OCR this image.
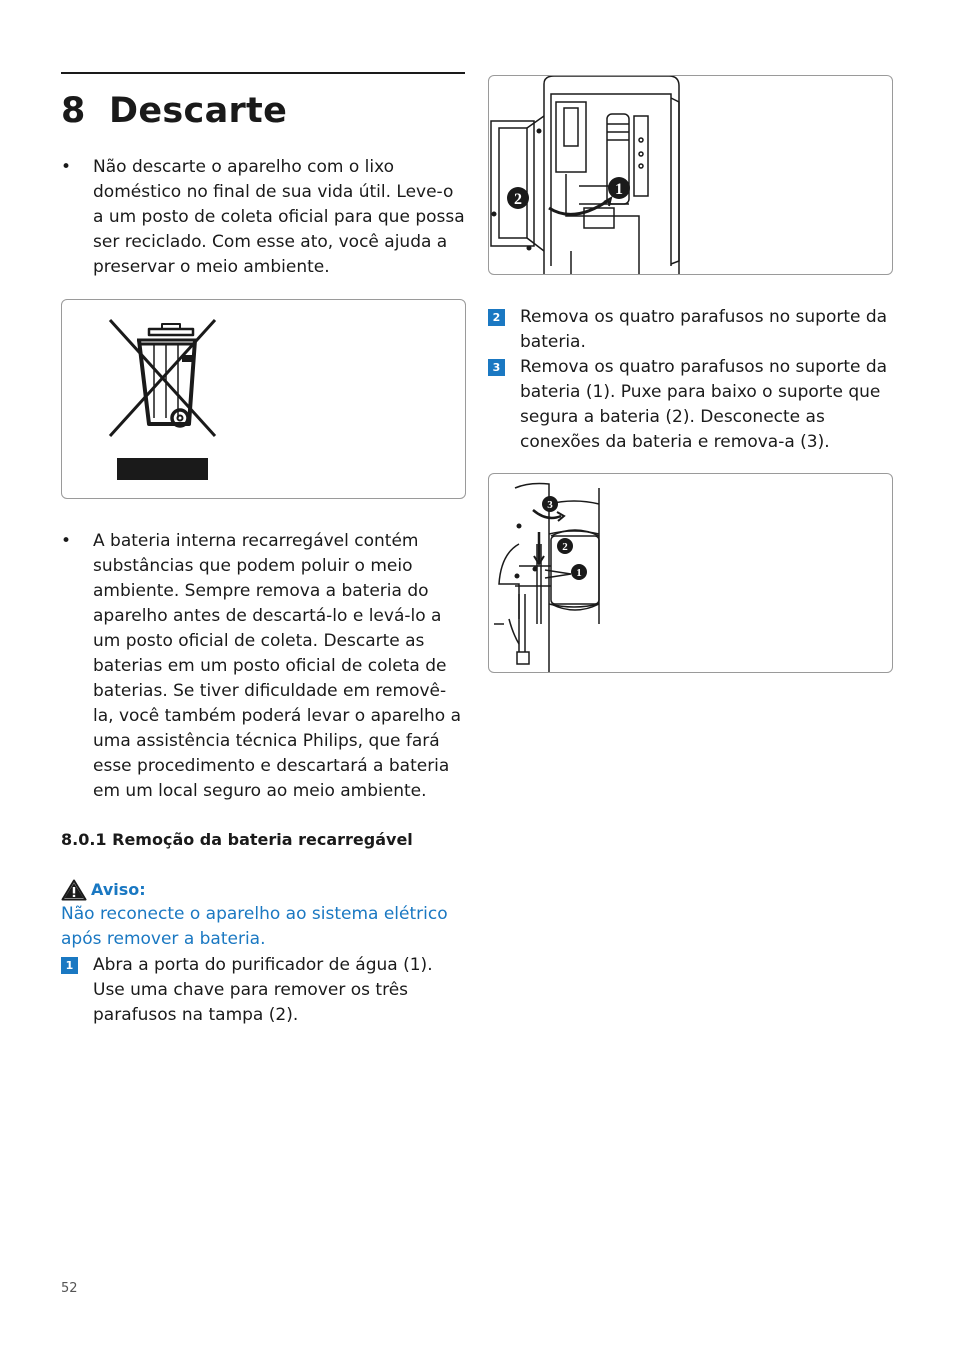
8 Descarte
• Não descarte o aparelho com o lixo doméstico no final de sua vida útil. Leve-o a um posto de coleta oficial para que possa ser reciclado. Com esse ato, você ajuda a preservar o meio ambiente.
• A bateria interna recarregável contém substâncias que podem poluir o meio ambiente. Sempre remova a bateria do aparelho antes de descartá-lo e levá-lo a um posto oficial de coleta. Descarte as baterias em um posto oficial de coleta de baterias. Se tiver dificuldade em removê-la, você também poderá levar o aparelho a uma assistência técnica Philips, que fará esse procedimento e descartará a bateria em um local seguro ao meio ambiente.
8.0.1 Remoção da bateria recarregável
Aviso:
Não reconecte o aparelho ao sistema elétrico após remover a bateria.
1 Abra a porta do purificador de água (1). Use uma chave para remover os três parafusos na tampa (2).
1
2
2 Remova os quatro parafusos no suporte da bateria.
3 Remova os quatro parafusos no suporte da bateria (1). Puxe para baixo o suporte que segura a bateria (2). Desconecte as conexões da bateria e remova-a (3).
3
2
1
52
